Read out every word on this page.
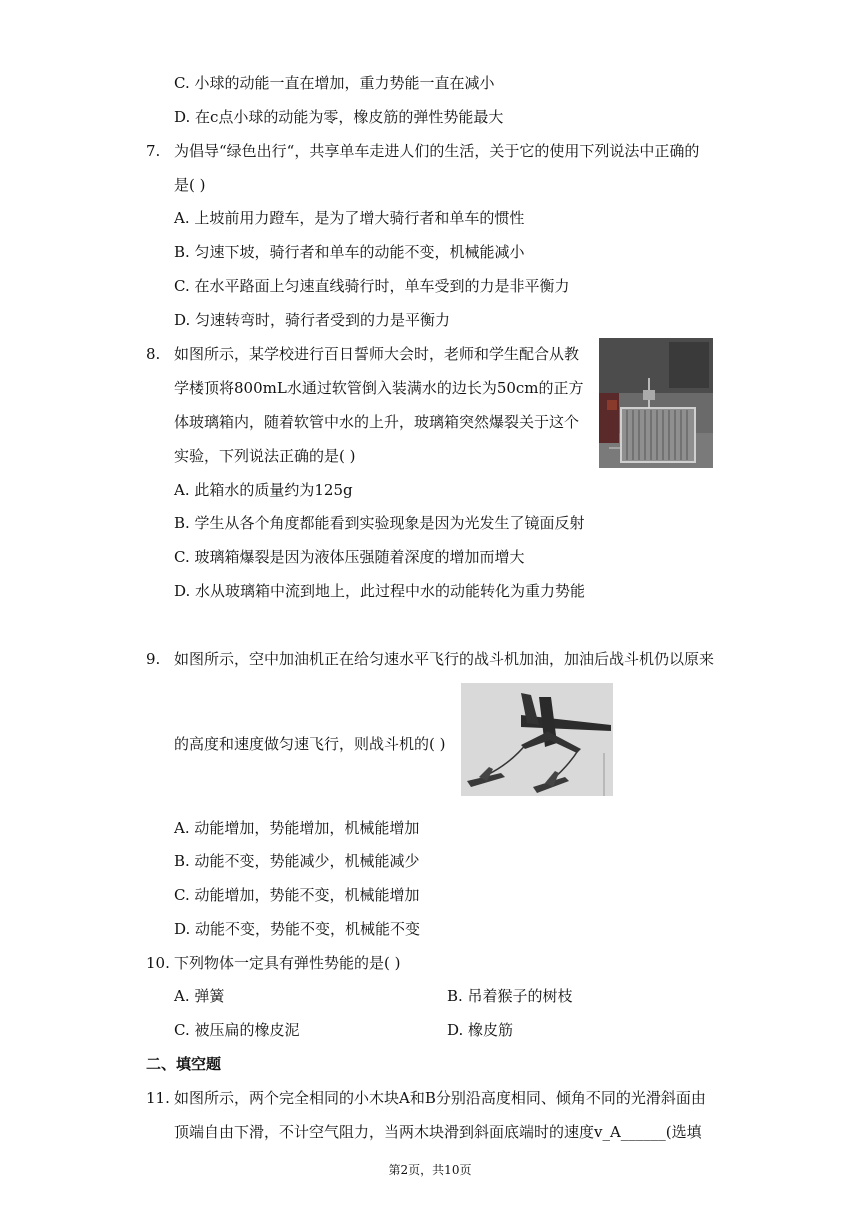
C. 小球的动能一直在增加，重力势能一直在减小
D. 在c点小球的动能为零，橡皮筋的弹性势能最大
7. 为倡导“绿色出行“，共享单车走进人们的生活，关于它的使用下列说法中正确的
是( )
A. 上坡前用力蹬车，是为了增大骑行者和单车的惯性
B. 匀速下坡，骑行者和单车的动能不变，机械能减小
C. 在水平路面上匀速直线骑行时，单车受到的力是非平衡力
D. 匀速转弯时，骑行者受到的力是平衡力
8. 如图所示，某学校进行百日誓师大会时，老师和学生配合从教
学楼顶将800mL水通过软管倒入装满水的边长为50cm的正方
体玻璃箱内，随着软管中水的上升，玻璃箱突然爆裂关于这个
实验，下列说法正确的是( )
A. 此箱水的质量约为125g
B. 学生从各个角度都能看到实验现象是因为光发生了镜面反射
C. 玻璃箱爆裂是因为液体压强随着深度的增加而增大
D. 水从玻璃箱中流到地上，此过程中水的动能转化为重力势能
9. 如图所示，空中加油机正在给匀速水平飞行的战斗机加油，加油后战斗机仍以原来
的高度和速度做匀速飞行，则战斗机的( )
A. 动能增加，势能增加，机械能增加
B. 动能不变，势能减少，机械能减少
C. 动能增加，势能不变，机械能增加
D. 动能不变，势能不变，机械能不变
10. 下列物体一定具有弹性势能的是( )
A. 弹簧	B. 吊着猴子的树枝
C. 被压扁的橡皮泥	D. 橡皮筋
二、填空题
11. 如图所示，两个完全相同的小木块A和B分别沿高度相同、倾角不同的光滑斜面由
顶端自由下滑，不计空气阻力，当两木块滑到斜面底端时的速度v_A______(选填
第2页，共10页
